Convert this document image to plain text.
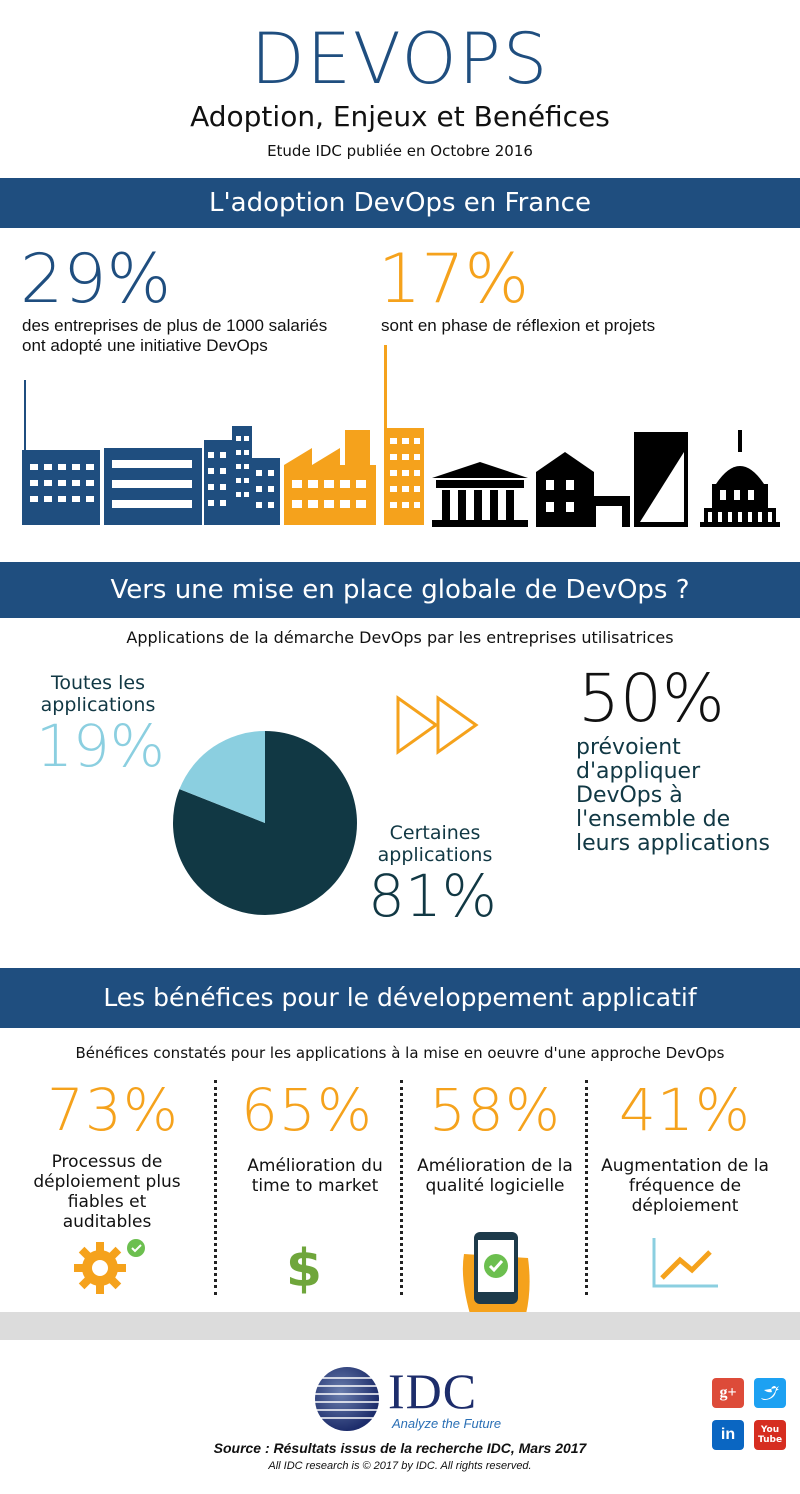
DEVOPS
Adoption, Enjeux et Benéfices
Etude IDC publiée en Octobre 2016
L'adoption DevOps en France
29%
des entreprises de plus de 1000 salariés ont adopté une initiative DevOps
17%
sont en phase de réflexion et projets
Vers une mise en place globale de DevOps ?
Applications de la démarche DevOps par les entreprises utilisatrices
Toutes les applications
19%
Certaines applications
81%
50%
prévoient d'appliquer DevOps à l'ensemble de leurs applications
Les bénéfices pour le développement applicatif
Bénéfices constatés pour les applications à la mise en oeuvre d'une approche DevOps
73%
Processus de déploiement plus fiables et auditables
65%
Amélioration du time to market
58%
Amélioration de la qualité logicielle
41%
Augmentation de la fréquence de déploiement
$
IDC
Analyze the Future
Source : Résultats issus de la recherche IDC, Mars 2017
All IDC research is © 2017 by IDC. All rights reserved.
g+
in	You
Tube
